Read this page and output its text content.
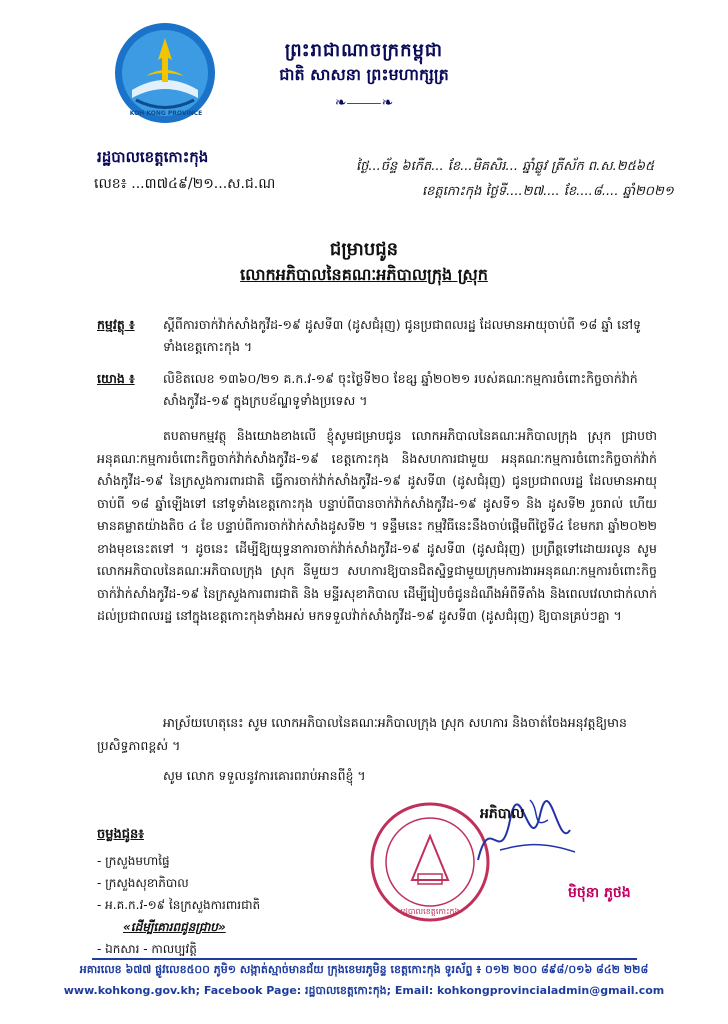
KOH KONG PROVINCE
ព្រះរាជាណាចក្រកម្ពុជា
ជាតិ សាសនា ព្រះមហាក្សត្រ
❧⸻❧
រដ្ឋបាលខេត្តកោះកុង
លេខ៖ ...៣៧៤៩/២១...ស.ជ.ណ
ថ្ងៃ...ច័ន្ទ ៦កើត... ខែ...មិគសិរ... ឆ្នាំឆ្លូវ ត្រីស័ក ព.ស.២៥៦៥
ខេត្តកោះកុង ថ្ងៃទី....២៧.... ខែ....៨.... ឆ្នាំ២០២១
ជម្រាបជូន
លោកអភិបាលនៃគណៈអភិបាលក្រុង ស្រុក
កម្មវត្ថុ ៖ ស្តីពីការចាក់វ៉ាក់សាំងកូវីដ-១៩ ដូសទី៣ (ដូសជំរុញ) ជូនប្រជាពលរដ្ឋ ដែលមានអាយុចាប់ពី ១៨ ឆ្នាំ នៅទូទាំងខេត្តកោះកុង ។
យោង ៖ លិខិតលេខ ១៣៦០/២១ គ.ក.វ-១៩ ចុះថ្ងៃទី២០ ខែឧ្ស ឆ្នាំ២០២១ របស់គណៈកម្មការចំពោះកិច្ចចាក់វ៉ាក់សាំងកូវីដ-១៩ ក្នុងក្របខ័ណ្ឌទូទាំងប្រទេស ។
តបតាមកម្មវត្ថុ និងយោងខាងលើ ខ្ញុំសូមជម្រាបជូន លោកអភិបាលនៃគណៈអភិបាលក្រុង ស្រុក ជ្រាបថា អនុគណៈកម្មការចំពោះកិច្ចចាក់វ៉ាក់សាំងកូវីដ-១៩ ខេត្តកោះកុង និងសហការជាមួយ អនុគណៈកម្មការចំពោះកិច្ចចាក់វ៉ាក់សាំងកូវីដ-១៩ នៃក្រសួងការពារជាតិ ធ្វើការចាក់វ៉ាក់សាំងកូវីដ-១៩ ដូសទី៣ (ដូសជំរុញ) ជូនប្រជាពលរដ្ឋ ដែលមានអាយុចាប់ពី ១៨ ឆ្នាំឡើងទៅ នៅទូទាំងខេត្តកោះកុង បន្ទាប់ពីបានចាក់វ៉ាក់សាំងកូវីដ-១៩ ដូសទី១ និង ដូសទី២ រួចរាល់ ហើយមានគម្លាតយ៉ាងតិច ៤ ខែ បន្ទាប់ពីការចាក់វ៉ាក់សាំងដូសទី២ ។ ទន្ទឹមនេះ កម្មវិធីនេះនឹងចាប់ផ្តើមពីថ្ងៃទី៤ ខែមករា ឆ្នាំ២០២២ ខាងមុខនេះតទៅ ។ ដូចនេះ ដើម្បីឱ្យយុទ្ធនាការចាក់វ៉ាក់សាំងកូវីដ-១៩ ដូសទី៣ (ដូសជំរុញ) ប្រព្រឹត្តទៅដោយរលូន សូម លោកអភិបាលនៃគណៈអភិបាលក្រុង ស្រុក នីមួយៗ សហការឱ្យបានជិតស្និទ្ធជាមួយក្រុមការងារអនុគណៈកម្មការចំពោះកិច្ចចាក់វ៉ាក់សាំងកូវីដ-១៩ នៃក្រសួងការពារជាតិ និង មន្ទីរសុខាភិបាល ដើម្បីរៀបចំជូនដំណឹងអំពីទីតាំង និងពេលវេលាជាក់លាក់ ដល់ប្រជាពលរដ្ឋ នៅក្នុងខេត្តកោះកុងទាំងអស់ មកទទួលវ៉ាក់សាំងកូវីដ-១៩ ដូសទី៣ (ដូសជំរុញ) ឱ្យបានគ្រប់ៗគ្នា ។
អាស្រ័យហេតុនេះ សូម លោកអភិបាលនៃគណៈអភិបាលក្រុង ស្រុក សហការ និងចាត់ចែងអនុវត្តឱ្យមានប្រសិទ្ធភាពខ្ពស់ ។
សូម លោក ទទួលនូវការគោរពរាប់អានពីខ្ញុំ ។
រដ្ឋបាលខេត្តកោះកុង
អភិបាល
មិថុនា ភូថង
ចម្លងជូន៖
- ក្រសួងមហាផ្ទៃ
- ក្រសួងសុខាភិបាល
- អ.គ.ក.វ-១៩ នៃក្រសួងការពារជាតិ
«ដើម្បីគោរពជូនជ្រាប»
- ឯកសារ - កាលប្បវត្តិ
អគារលេខ ៦៧៧ ផ្លូវលេខ៥០០ ភូមិ១ សង្កាត់ស្មាច់មានជ័យ ក្រុងខេមរភូមិន្ទ ខេត្តកោះកុង ទូរស័ព្ទ ៖ ០១២ ២០០ ៨៩៨/០១៦ ៨៤២ ២២៨
www.kohkong.gov.kh; Facebook Page: រដ្ឋបាលខេត្តកោះកុង; Email: kohkongprovincialadmin@gmail.com
